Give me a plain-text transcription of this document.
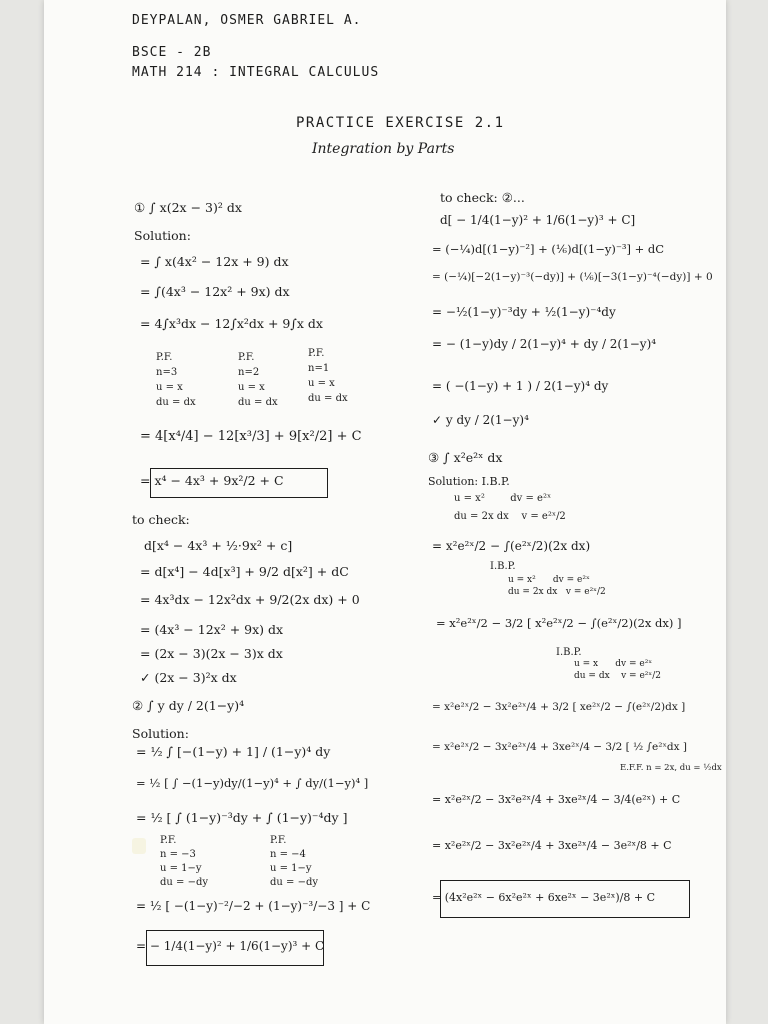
DEYPALAN, OSMER GABRIEL A.
BSCE - 2B
MATH 214 : INTEGRAL CALCULUS
PRACTICE EXERCISE 2.1
Integration by Parts
① ∫ x(2x − 3)² dx
Solution:
= ∫ x(4x² − 12x + 9) dx
= ∫(4x³ − 12x² + 9x) dx
= 4∫x³dx − 12∫x²dx + 9∫x dx
P.F.
n=3
u = x
du = dx
P.F.
n=2
u = x
du = dx
P.F.
n=1
u = x
du = dx
= 4[x⁴/4] − 12[x³/3] + 9[x²/2] + C
= x⁴ − 4x³ + 9x²/2 + C
to check:
d[x⁴ − 4x³ + ½·9x² + c]
= d[x⁴] − 4d[x³] + 9/2 d[x²] + dC
= 4x³dx − 12x²dx + 9/2(2x dx) + 0
= (4x³ − 12x² + 9x) dx
= (2x − 3)(2x − 3)x dx
✓ (2x − 3)²x dx
② ∫ y dy / 2(1−y)⁴
Solution:
= ½ ∫ [−(1−y) + 1] / (1−y)⁴ dy
= ½ [ ∫ −(1−y)dy/(1−y)⁴ + ∫ dy/(1−y)⁴ ]
= ½ [ ∫ (1−y)⁻³dy + ∫ (1−y)⁻⁴dy ]
P.F.
n = −3
u = 1−y
du = −dy
P.F.
n = −4
u = 1−y
du = −dy
= ½ [ −(1−y)⁻²/−2 + (1−y)⁻³/−3 ] + C
= − 1/4(1−y)² + 1/6(1−y)³ + C
to check: ②...
d[ − 1/4(1−y)² + 1/6(1−y)³ + C]
= (−¼)d[(1−y)⁻²] + (⅙)d[(1−y)⁻³] + dC
= (−¼)[−2(1−y)⁻³(−dy)] + (⅙)[−3(1−y)⁻⁴(−dy)] + 0
= −½(1−y)⁻³dy + ½(1−y)⁻⁴dy
= − (1−y)dy / 2(1−y)⁴ + dy / 2(1−y)⁴
= ( −(1−y) + 1 ) / 2(1−y)⁴ dy
✓ y dy / 2(1−y)⁴
③ ∫ x²e²ˣ dx
Solution: I.B.P.
u = x²        dv = e²ˣ
du = 2x dx    v = e²ˣ/2
= x²e²ˣ/2 − ∫(e²ˣ/2)(2x dx)
I.B.P.
u = x²      dv = e²ˣ
du = 2x dx   v = e²ˣ/2
= x²e²ˣ/2 − 3/2 [ x²e²ˣ/2 − ∫(e²ˣ/2)(2x dx) ]
I.B.P.
u = x      dv = e²ˣ
du = dx    v = e²ˣ/2
= x²e²ˣ/2 − 3x²e²ˣ/4 + 3/2 [ xe²ˣ/2 − ∫(e²ˣ/2)dx ]
= x²e²ˣ/2 − 3x²e²ˣ/4 + 3xe²ˣ/4 − 3/2 [ ½ ∫e²ˣdx ]
E.F.F. n = 2x, du = ½dx
= x²e²ˣ/2 − 3x²e²ˣ/4 + 3xe²ˣ/4 − 3/4(e²ˣ) + C
= x²e²ˣ/2 − 3x²e²ˣ/4 + 3xe²ˣ/4 − 3e²ˣ/8 + C
= (4x²e²ˣ − 6x²e²ˣ + 6xe²ˣ − 3e²ˣ)/8 + C
